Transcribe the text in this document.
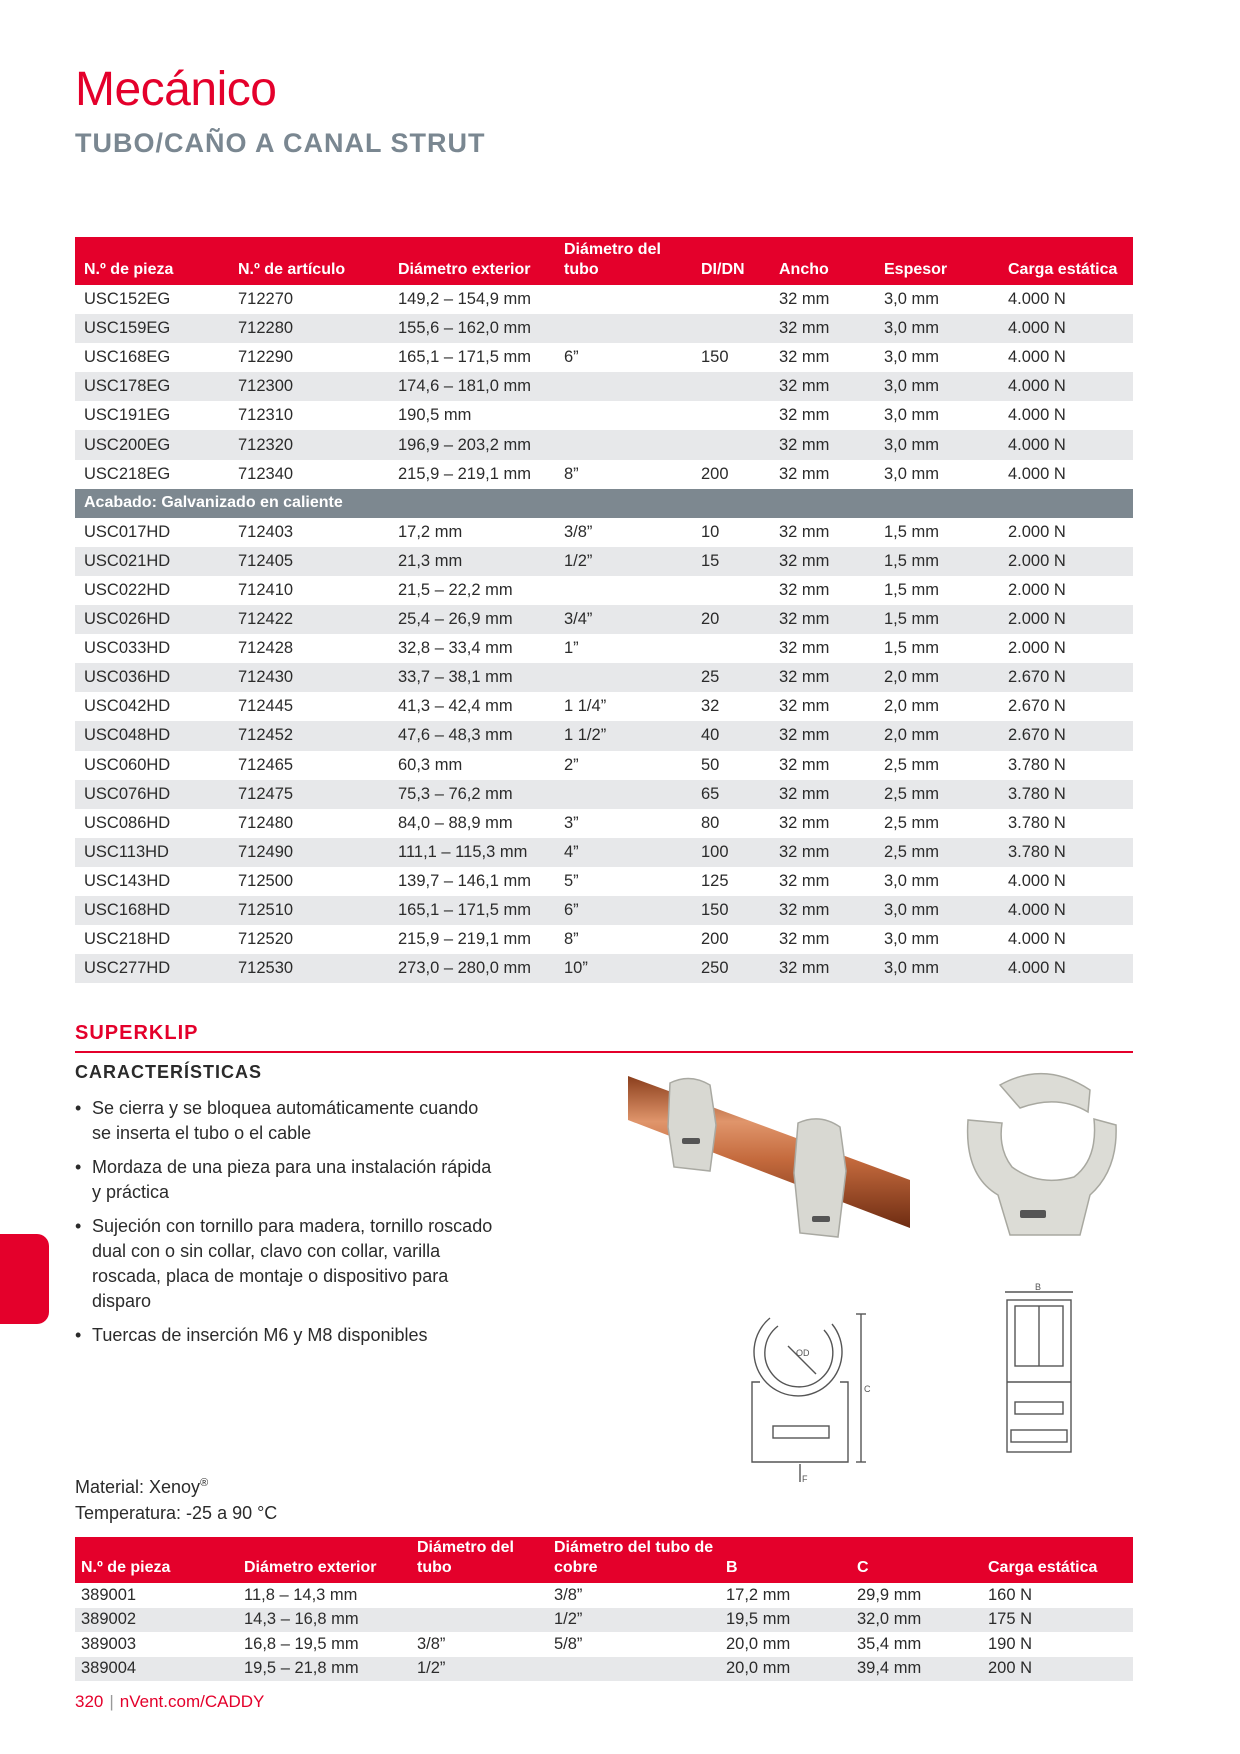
Mecánico
TUBO/CAÑO A CANAL STRUT
N.º de pieza	N.º de artículo	Diámetro exterior	Diámetro del tubo	DI/DN	Ancho	Espesor	Carga estática
USC152EG	712270	149,2 – 154,9 mm			32 mm	3,0 mm	4.000 N
USC159EG	712280	155,6 – 162,0 mm			32 mm	3,0 mm	4.000 N
USC168EG	712290	165,1 – 171,5 mm	6”	150	32 mm	3,0 mm	4.000 N
USC178EG	712300	174,6 – 181,0 mm			32 mm	3,0 mm	4.000 N
USC191EG	712310	190,5 mm			32 mm	3,0 mm	4.000 N
USC200EG	712320	196,9 – 203,2 mm			32 mm	3,0 mm	4.000 N
USC218EG	712340	215,9 – 219,1 mm	8”	200	32 mm	3,0 mm	4.000 N
Acabado: Galvanizado en caliente							
USC017HD	712403	17,2 mm	3/8”	10	32 mm	1,5 mm	2.000 N
USC021HD	712405	21,3 mm	1/2”	15	32 mm	1,5 mm	2.000 N
USC022HD	712410	21,5 – 22,2 mm			32 mm	1,5 mm	2.000 N
USC026HD	712422	25,4 – 26,9 mm	3/4”	20	32 mm	1,5 mm	2.000 N
USC033HD	712428	32,8 – 33,4 mm	1”		32 mm	1,5 mm	2.000 N
USC036HD	712430	33,7 – 38,1 mm		25	32 mm	2,0 mm	2.670 N
USC042HD	712445	41,3 – 42,4 mm	1 1/4”	32	32 mm	2,0 mm	2.670 N
USC048HD	712452	47,6 – 48,3 mm	1 1/2”	40	32 mm	2,0 mm	2.670 N
USC060HD	712465	60,3 mm	2”	50	32 mm	2,5 mm	3.780 N
USC076HD	712475	75,3 – 76,2 mm		65	32 mm	2,5 mm	3.780 N
USC086HD	712480	84,0 – 88,9 mm	3”	80	32 mm	2,5 mm	3.780 N
USC113HD	712490	111,1 – 115,3 mm	4”	100	32 mm	2,5 mm	3.780 N
USC143HD	712500	139,7 – 146,1 mm	5”	125	32 mm	3,0 mm	4.000 N
USC168HD	712510	165,1 – 171,5 mm	6”	150	32 mm	3,0 mm	4.000 N
USC218HD	712520	215,9 – 219,1 mm	8”	200	32 mm	3,0 mm	4.000 N
USC277HD	712530	273,0 – 280,0 mm	10”	250	32 mm	3,0 mm	4.000 N
SUPERKLIP
CARACTERÍSTICAS
• Se cierra y se bloquea automáticamente cuando se inserta el tubo o el cable
• Mordaza de una pieza para una instalación rápida y práctica
• Sujeción con tornillo para madera, tornillo roscado dual con o sin collar, clavo con collar, varilla roscada, placa de montaje o dispositivo para disparo
• Tuercas de inserción M6 y M8 disponibles
OD
C
F
B

Material: Xenoy®

Temperatura: -25 a 90 °C

N.º de pieza	Diámetro exterior	Diámetro del tubo	Diámetro del tubo de cobre	B	C	Carga estática
389001	11,8 – 14,3 mm		3/8”	17,2 mm	29,9 mm	160 N
389002	14,3 – 16,8 mm		1/2”	19,5 mm	32,0 mm	175 N
389003	16,8 – 19,5 mm	3/8”	5/8”	20,0 mm	35,4 mm	190 N
389004	19,5 – 21,8 mm	1/2”		20,0 mm	39,4 mm	200 N
320 | nVent.com/CADDY
